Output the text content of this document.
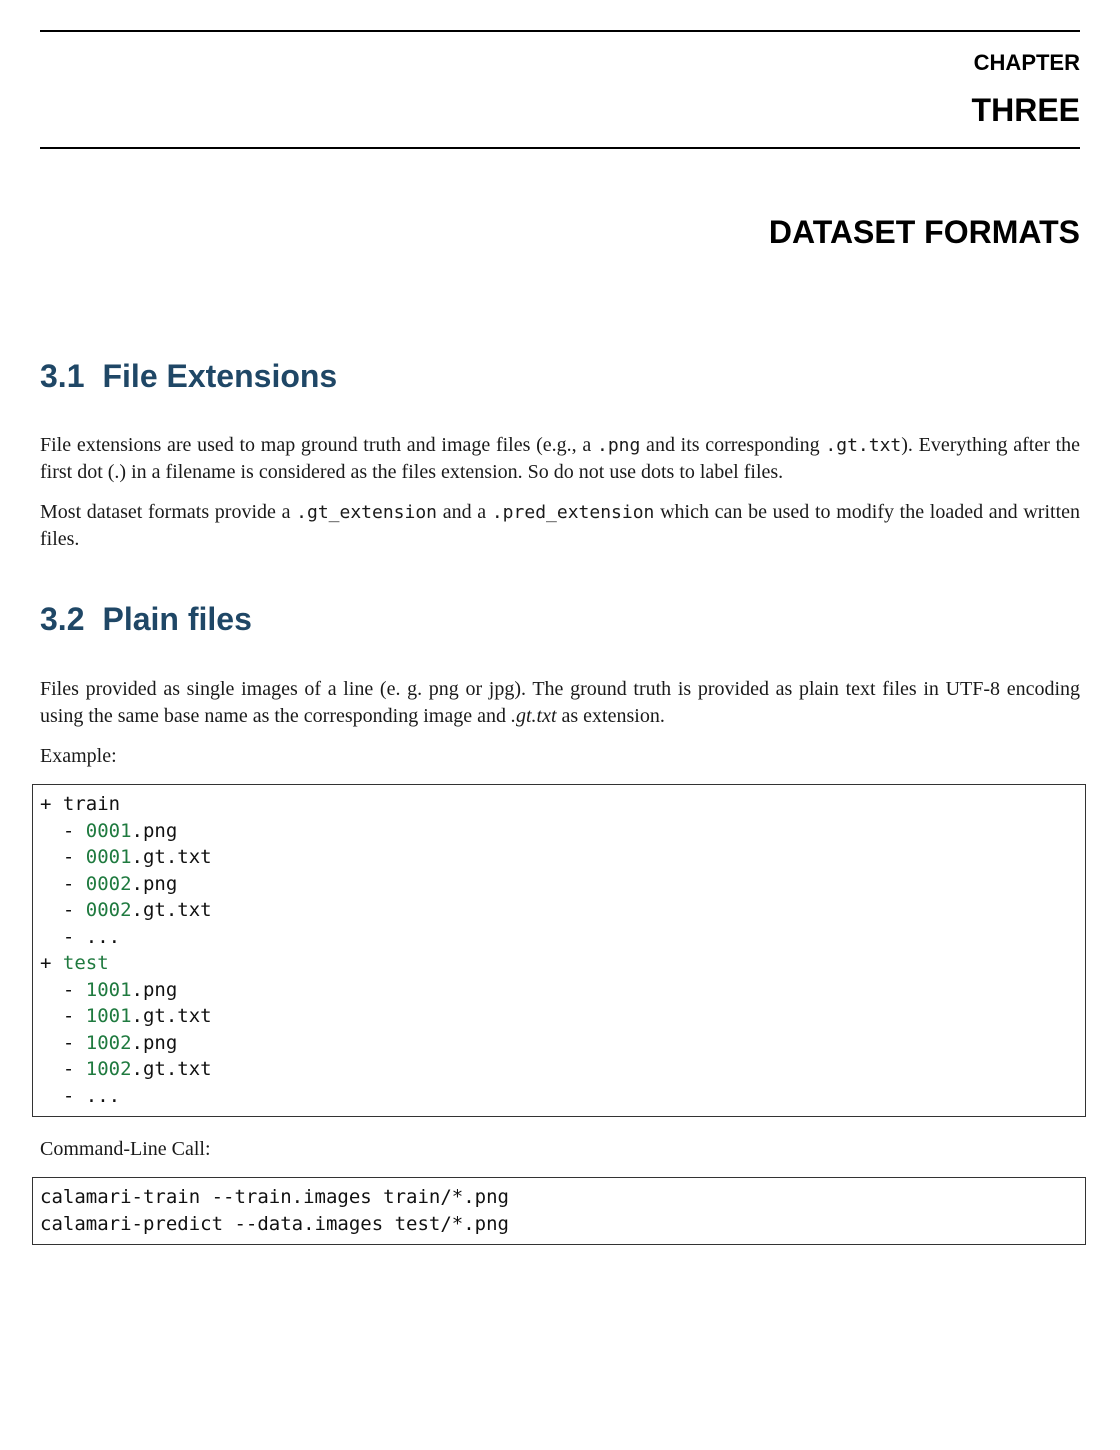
CHAPTER
THREE
DATASET FORMATS
3.1 File Extensions

File extensions are used to map ground truth and image files (e.g., a .png and its corresponding .gt.txt). Everything after the first dot (.) in a filename is considered as the files extension. So do not use dots to label files.

Most dataset formats provide a .gt_extension and a .pred_extension which can be used to modify the loaded and written files.

3.2 Plain files

Files provided as single images of a line (e. g. png or jpg). The ground truth is provided as plain text files in UTF-8 encoding using the same base name as the corresponding image and .gt.txt as extension.

Example:

+ train
- 0001.png
- 0001.gt.txt
- 0002.png
- 0002.gt.txt
- ...
+ test
- 1001.png
- 1001.gt.txt
- 1002.png
- 1002.gt.txt
- ...

Command-Line Call:

calamari-train --train.images train/*.png
calamari-predict --data.images test/*.png
